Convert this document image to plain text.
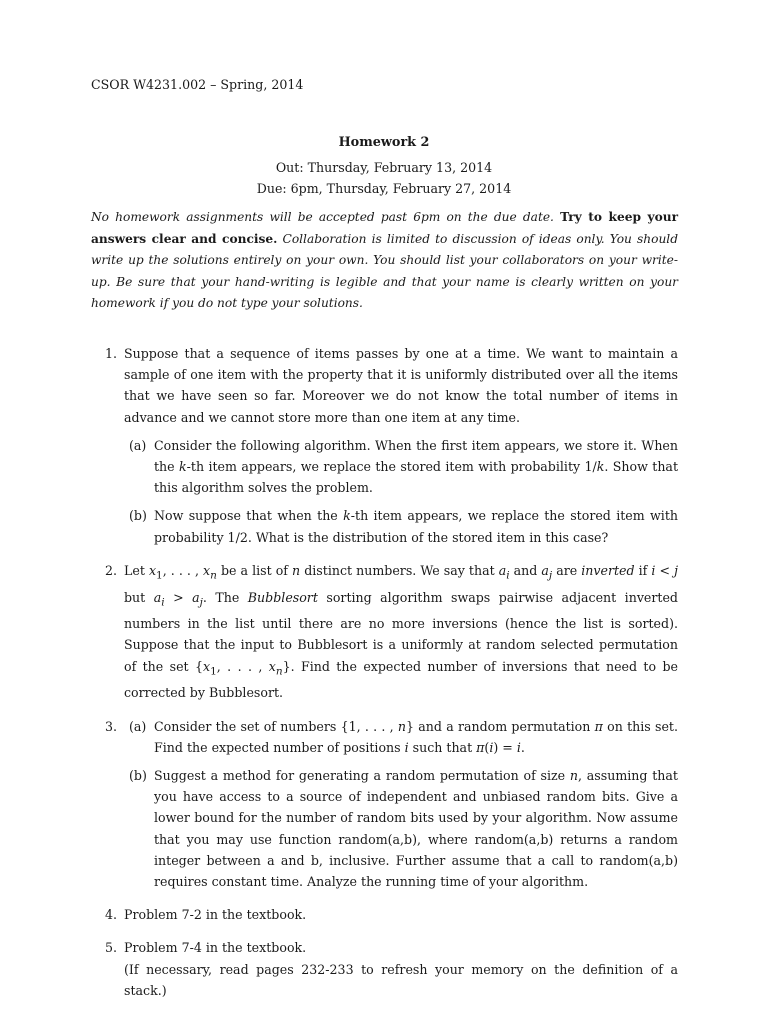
CSOR W4231.002 – Spring, 2014
Homework 2
Out: Thursday, February 13, 2014
Due: 6pm, Thursday, February 27, 2014
No homework assignments will be accepted past 6pm on the due date. Try to keep your answers clear and concise. Collaboration is limited to discussion of ideas only. You should write up the solutions entirely on your own. You should list your collaborators on your write-up. Be sure that your hand-writing is legible and that your name is clearly written on your homework if you do not type your solutions.
1. Suppose that a sequence of items passes by one at a time. We want to maintain a sample of one item with the property that it is uniformly distributed over all the items that we have seen so far. Moreover we do not know the total number of items in advance and we cannot store more than one item at any time.
(a) Consider the following algorithm. When the first item appears, we store it. When the k-th item appears, we replace the stored item with probability 1/k. Show that this algorithm solves the problem.
(b) Now suppose that when the k-th item appears, we replace the stored item with probability 1/2. What is the distribution of the stored item in this case?
2. Let $x_1$, . . . , $x_n$ be a list of n distinct numbers. We say that $a_i$ and $a_j$ are inverted if i < j but $a_i > a_j$. The Bubblesort sorting algorithm swaps pairwise adjacent inverted numbers in the list until there are no more inversions (hence the list is sorted). Suppose that the input to Bubblesort is a uniformly at random selected permutation of the set {$x_1$, . . . , $x_n$}. Find the expected number of inversions that need to be corrected by Bubblesort.
3. (a) Consider the set of numbers {1, . . . , n} and a random permutation π on this set. Find the expected number of positions i such that π(i) = i.
(b) Suggest a method for generating a random permutation of size n, assuming that you have access to a source of independent and unbiased random bits. Give a lower bound for the number of random bits used by your algorithm. Now assume that you may use function random(a,b), where random(a,b) returns a random integer between a and b, inclusive. Further assume that a call to random(a,b) requires constant time. Analyze the running time of your algorithm.
4. Problem 7-2 in the textbook.
5. Problem 7-4 in the textbook.
(If necessary, read pages 232-233 to refresh your memory on the definition of a stack.)
